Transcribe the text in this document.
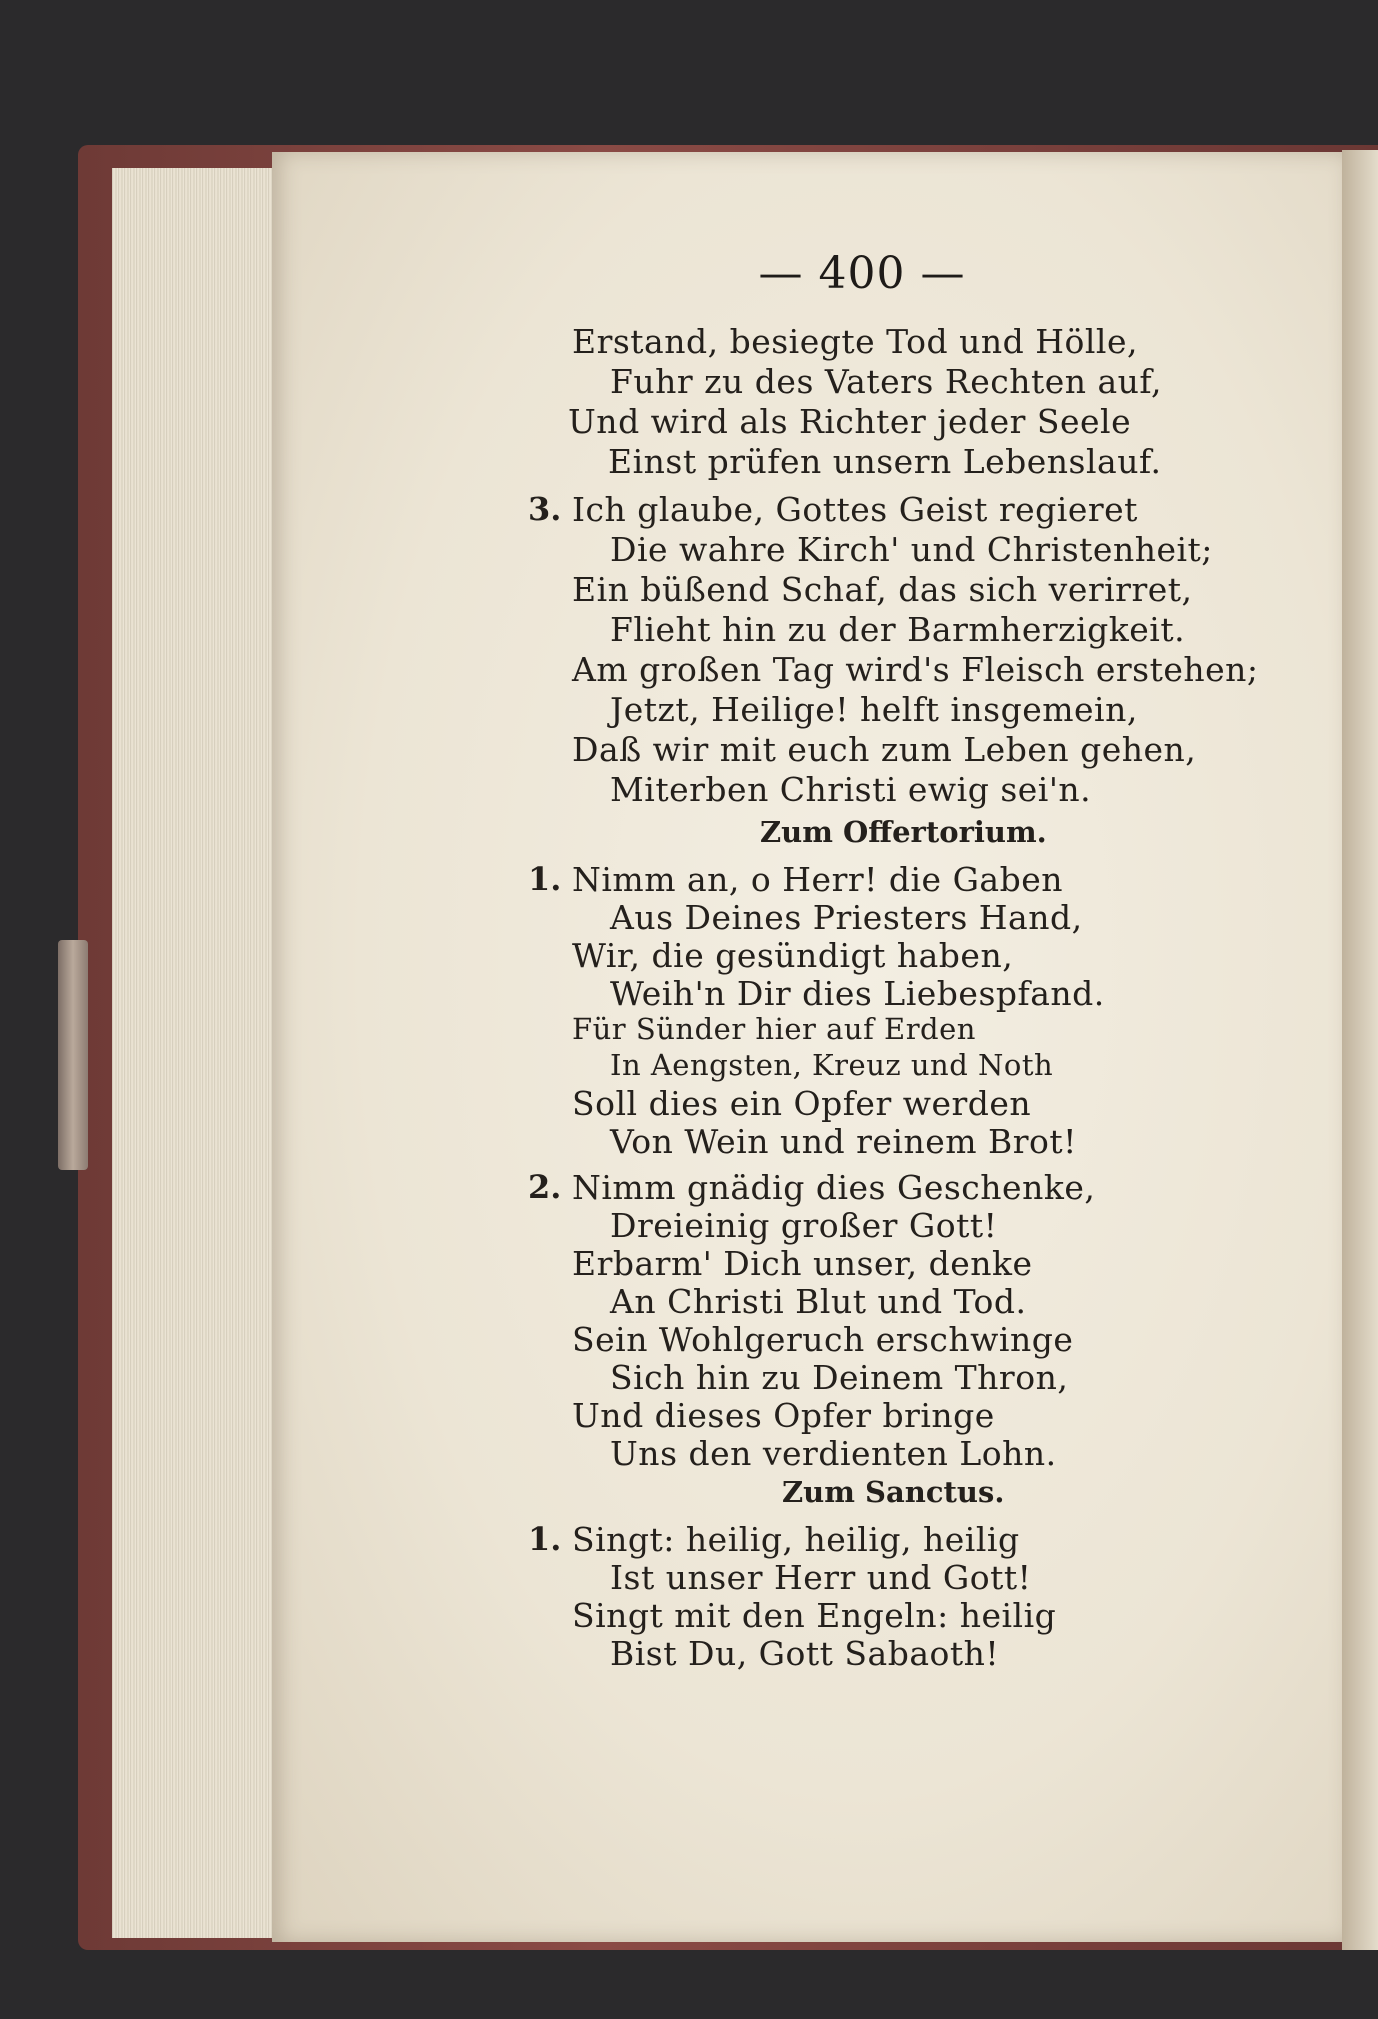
— 400 —
Erstand, besiegte Tod und Hölle,
Fuhr zu des Vaters Rechten auf,
Und wird als Richter jeder Seele
Einst prüfen unsern Lebenslauf.
3. Ich glaube, Gottes Geist regieret
Die wahre Kirch' und Christenheit;
Ein büßend Schaf, das sich verirret,
Flieht hin zu der Barmherzigkeit.
Am großen Tag wird's Fleisch erstehen;
Jetzt, Heilige! helft insgemein,
Daß wir mit euch zum Leben gehen,
Miterben Christi ewig sei'n.
Zum Offertorium.
1. Nimm an, o Herr! die Gaben
Aus Deines Priesters Hand,
Wir, die gesündigt haben,
Weih'n Dir dies Liebespfand.
Für Sünder hier auf Erden
In Aengsten, Kreuz und Noth
Soll dies ein Opfer werden
Von Wein und reinem Brot!
2. Nimm gnädig dies Geschenke,
Dreieinig großer Gott!
Erbarm' Dich unser, denke
An Christi Blut und Tod.
Sein Wohlgeruch erschwinge
Sich hin zu Deinem Thron,
Und dieses Opfer bringe
Uns den verdienten Lohn.
Zum Sanctus.
1. Singt: heilig, heilig, heilig
Ist unser Herr und Gott!
Singt mit den Engeln: heilig
Bist Du, Gott Sabaoth!
